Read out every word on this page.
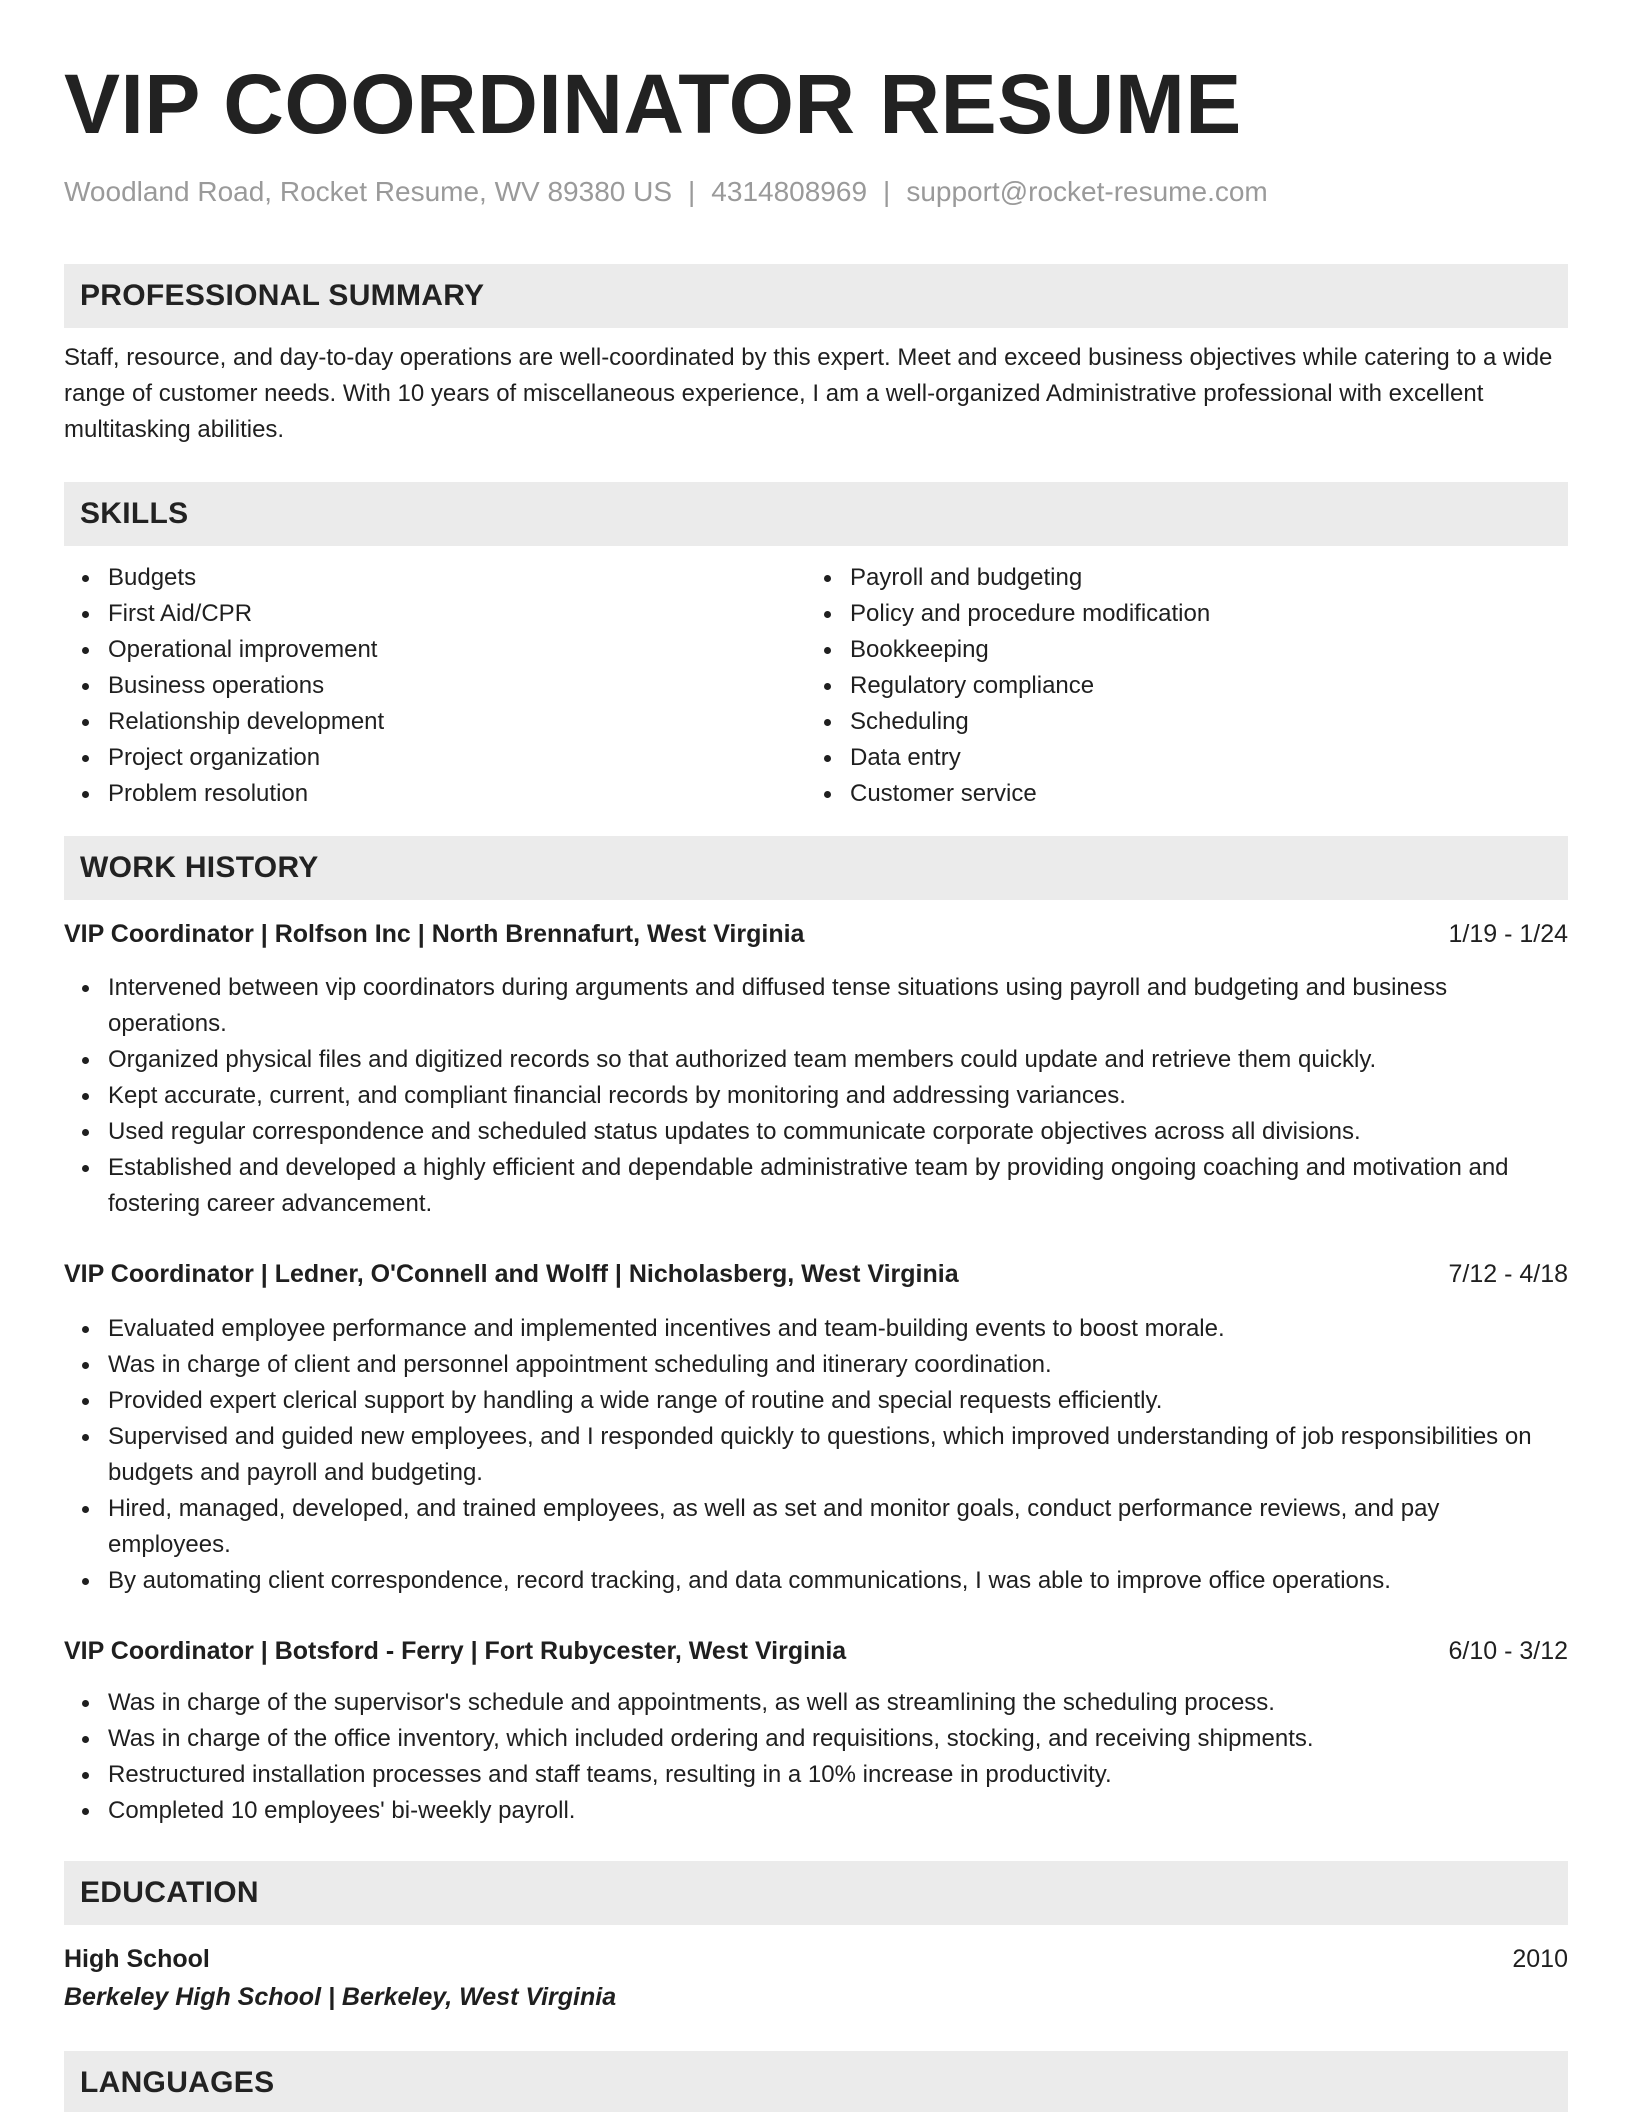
VIP COORDINATOR RESUME
Woodland Road, Rocket Resume, WV 89380 US | 4314808969 | support@rocket-resume.com
PROFESSIONAL SUMMARY

Staff, resource, and day-to-day operations are well-coordinated by this expert. Meet and exceed business objectives while catering to a wide range of customer needs. With 10 years of miscellaneous experience, I am a well-organized Administrative professional with excellent multitasking abilities.

SKILLS
Budgets
First Aid/CPR
Operational improvement
Business operations
Relationship development
Project organization
Problem resolution
Payroll and budgeting
Policy and procedure modification
Bookkeeping
Regulatory compliance
Scheduling
Data entry
Customer service
WORK HISTORY
VIP Coordinator | Rolfson Inc | North Brennafurt, West Virginia	1/19 - 1/24
Intervened between vip coordinators during arguments and diffused tense situations using payroll and budgeting and business operations.
Organized physical files and digitized records so that authorized team members could update and retrieve them quickly.
Kept accurate, current, and compliant financial records by monitoring and addressing variances.
Used regular correspondence and scheduled status updates to communicate corporate objectives across all divisions.
Established and developed a highly efficient and dependable administrative team by providing ongoing coaching and motivation and fostering career advancement.
VIP Coordinator | Ledner, O'Connell and Wolff | Nicholasberg, West Virginia	7/12 - 4/18
Evaluated employee performance and implemented incentives and team-building events to boost morale.
Was in charge of client and personnel appointment scheduling and itinerary coordination.
Provided expert clerical support by handling a wide range of routine and special requests efficiently.
Supervised and guided new employees, and I responded quickly to questions, which improved understanding of job responsibilities on budgets and payroll and budgeting.
Hired, managed, developed, and trained employees, as well as set and monitor goals, conduct performance reviews, and pay employees.
By automating client correspondence, record tracking, and data communications, I was able to improve office operations.
VIP Coordinator | Botsford - Ferry | Fort Rubycester, West Virginia	6/10 - 3/12
Was in charge of the supervisor's schedule and appointments, as well as streamlining the scheduling process.
Was in charge of the office inventory, which included ordering and requisitions, stocking, and receiving shipments.
Restructured installation processes and staff teams, resulting in a 10% increase in productivity.
Completed 10 employees' bi-weekly payroll.
EDUCATION
High School	2010
Berkeley High School | Berkeley, West Virginia
LANGUAGES
